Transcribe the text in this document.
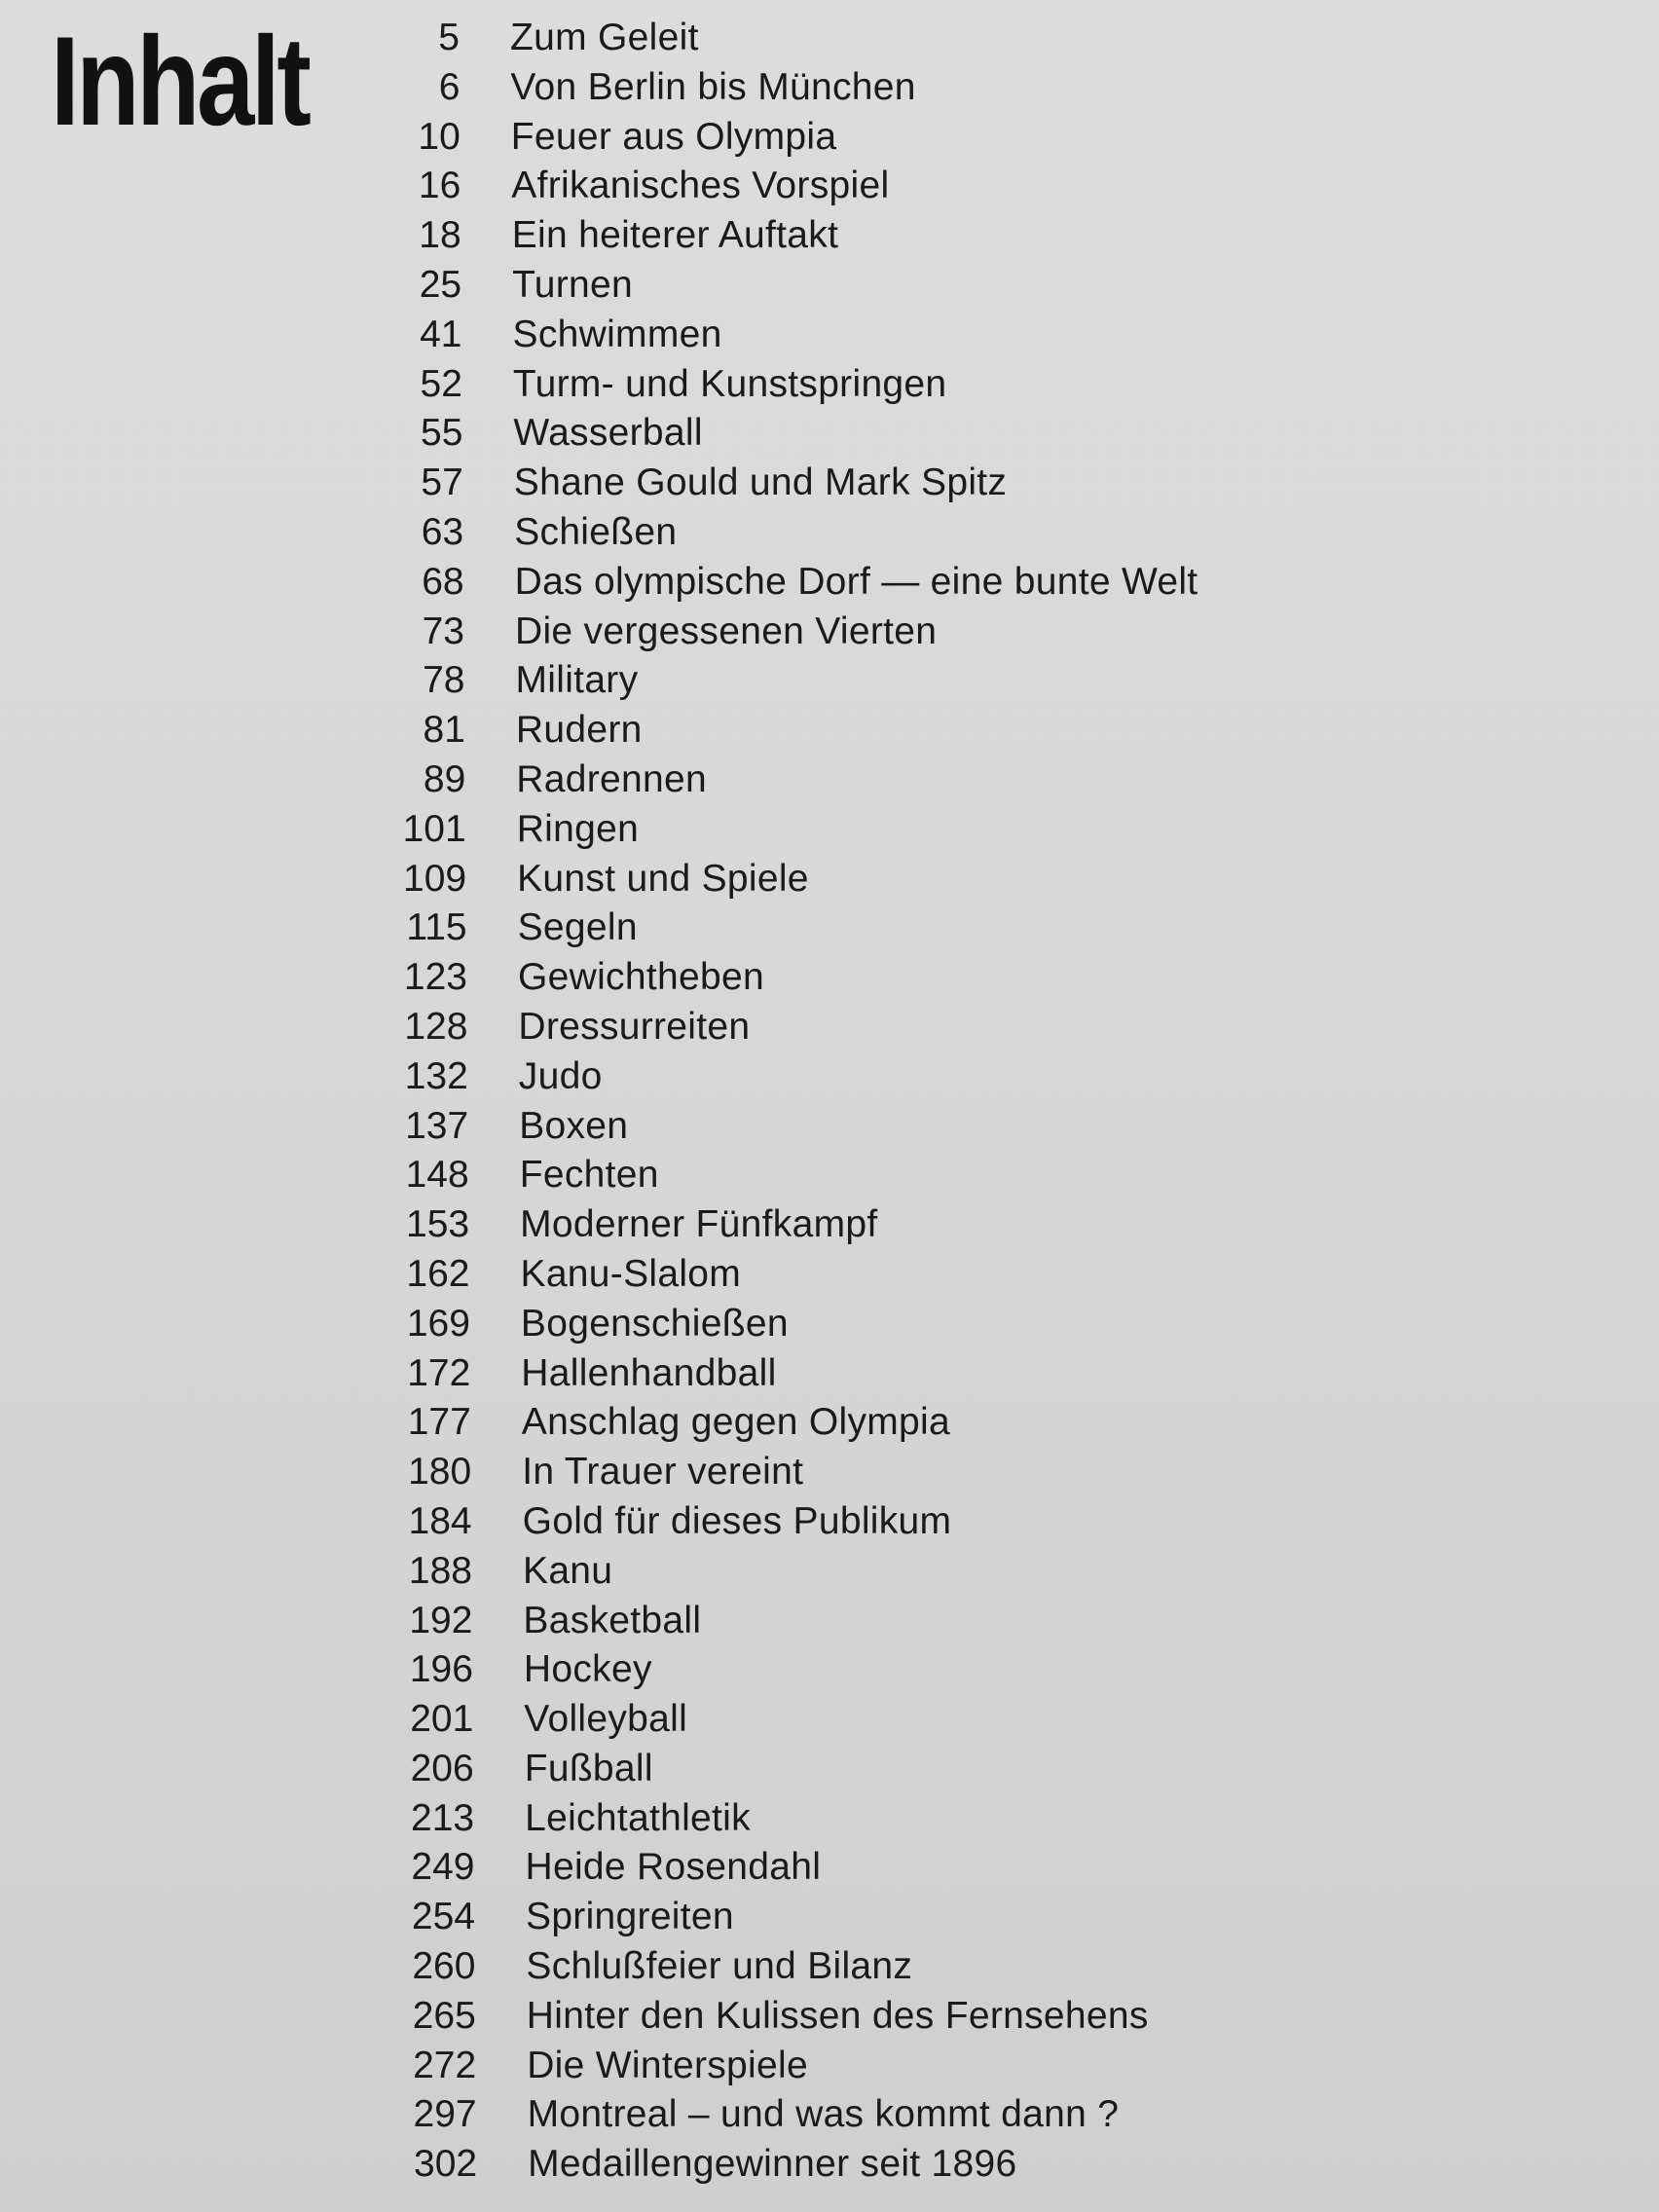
Inhalt	5 Zum Geleit
6 Von Berlin bis München
10 Feuer aus Olympia
16 Afrikanisches Vorspiel
18 Ein heiterer Auftakt
25 Turnen
41 Schwimmen
52 Turm- und Kunstspringen
55 Wasserball
57 Shane Gould und Mark Spitz
63 Schießen
68 Das olympische Dorf — eine bunte Welt
73 Die vergessenen Vierten
78 Military
81 Rudern
89 Radrennen
101 Ringen
109 Kunst und Spiele
115 Segeln
123 Gewichtheben
128 Dressurreiten
132 Judo
137 Boxen
148 Fechten
153 Moderner Fünfkampf
162 Kanu-Slalom
169 Bogenschießen
172 Hallenhandball
177 Anschlag gegen Olympia
180 In Trauer vereint
184 Gold für dieses Publikum
188 Kanu
192 Basketball
196 Hockey
201 Volleyball
206 Fußball
213 Leichtathletik
249 Heide Rosendahl
254 Springreiten
260 Schlußfeier und Bilanz
265 Hinter den Kulissen des Fernsehens
272 Die Winterspiele
297 Montreal – und was kommt dann ?
302 Medaillengewinner seit 1896
